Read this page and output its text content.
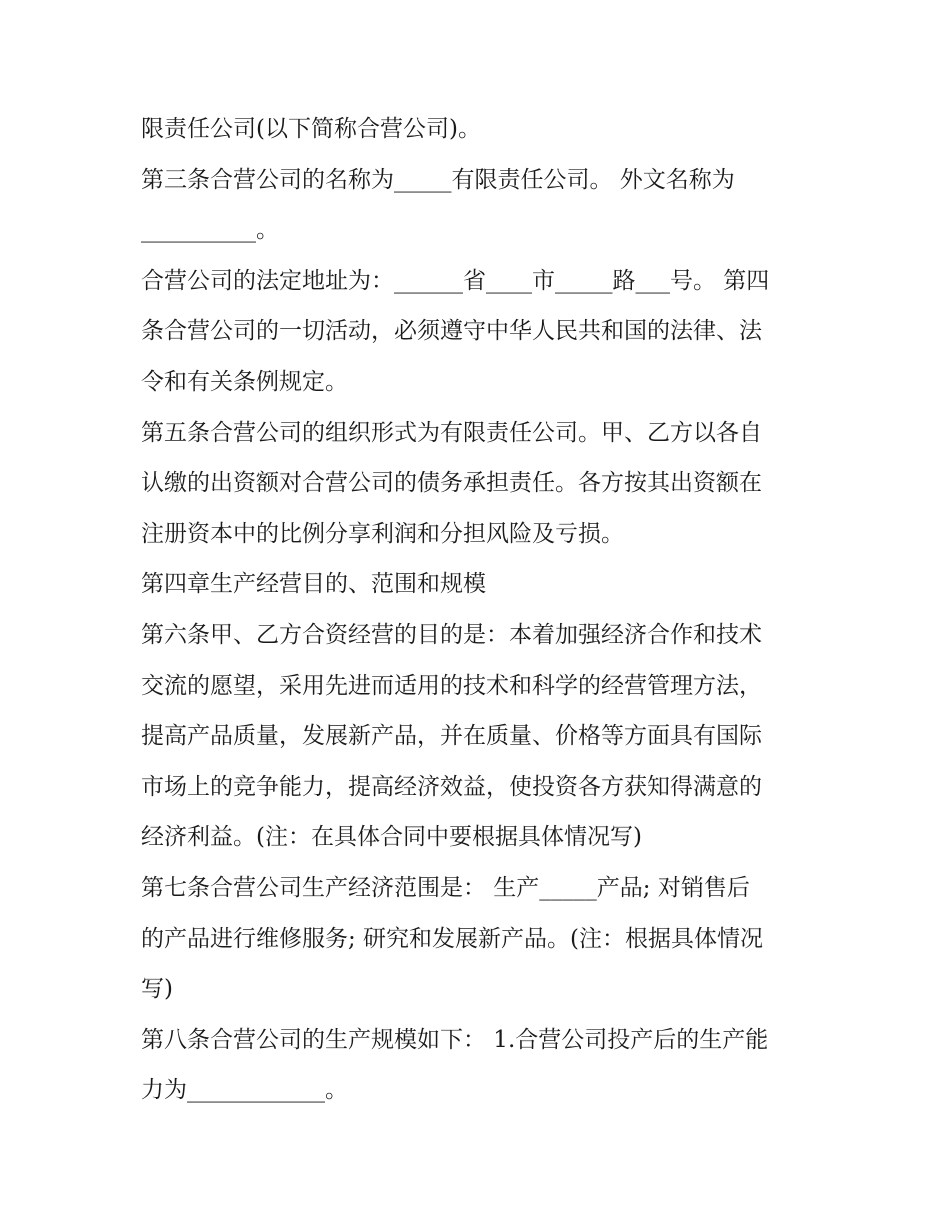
限责任公司(以下简称合营公司)。
第三条合营公司的名称为_____有限责任公司。 外文名称为
__________。
合营公司的法定地址为：______省____市_____路___号。 第四
条合营公司的一切活动，必须遵守中华人民共和国的法律、法
令和有关条例规定。
第五条合营公司的组织形式为有限责任公司。甲、乙方以各自
认缴的出资额对合营公司的债务承担责任。各方按其出资额在
注册资本中的比例分享利润和分担风险及亏损。
第四章生产经营目的、范围和规模
第六条甲、乙方合资经营的目的是：本着加强经济合作和技术
交流的愿望，采用先进而适用的技术和科学的经营管理方法，
提高产品质量，发展新产品，并在质量、价格等方面具有国际
市场上的竞争能力，提高经济效益，使投资各方获知得满意的
经济利益。(注：在具体合同中要根据具体情况写)
第七条合营公司生产经济范围是： 生产_____产品; 对销售后
的产品进行维修服务; 研究和发展新产品。(注：根据具体情况
写)
第八条合营公司的生产规模如下： 1.合营公司投产后的生产能
力为____________。
